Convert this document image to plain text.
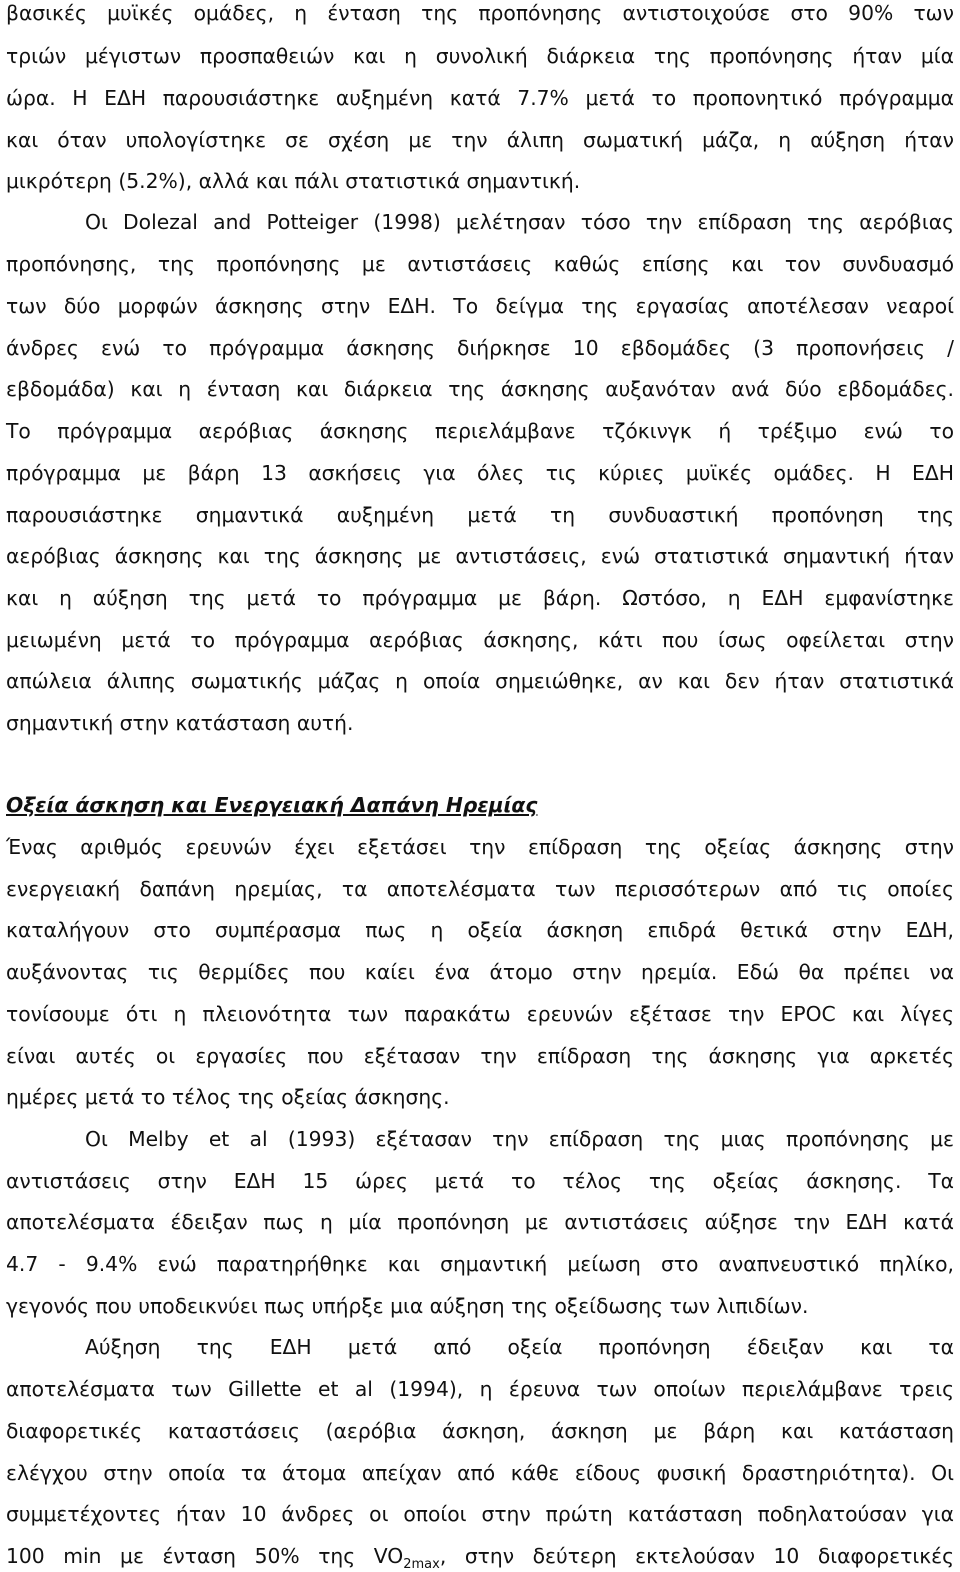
βασικές μυϊκές ομάδες, η ένταση της προπόνησης αντιστοιχούσε στο 90% των
τριών μέγιστων προσπαθειών και η συνολική διάρκεια της προπόνησης ήταν μία
ώρα. Η ΕΔΗ παρουσιάστηκε αυξημένη κατά 7.7% μετά το προπονητικό πρόγραμμα
και όταν υπολογίστηκε σε σχέση με την άλιπη σωματική μάζα, η αύξηση ήταν
μικρότερη (5.2%), αλλά και πάλι στατιστικά σημαντική.
Οι Dolezal and Potteiger (1998) μελέτησαν τόσο την επίδραση της αερόβιας
προπόνησης, της προπόνησης με αντιστάσεις καθώς επίσης και τον συνδυασμό
των δύο μορφών άσκησης στην ΕΔΗ. Το δείγμα της εργασίας αποτέλεσαν νεαροί
άνδρες ενώ το πρόγραμμα άσκησης διήρκησε 10 εβδομάδες (3 προπονήσεις /
εβδομάδα) και η ένταση και διάρκεια της άσκησης αυξανόταν ανά δύο εβδομάδες.
Το πρόγραμμα αερόβιας άσκησης περιελάμβανε τζόκινγκ ή τρέξιμο ενώ το
πρόγραμμα με βάρη 13 ασκήσεις για όλες τις κύριες μυϊκές ομάδες. Η ΕΔΗ
παρουσιάστηκε σημαντικά αυξημένη μετά τη συνδυαστική προπόνηση της
αερόβιας άσκησης και της άσκησης με αντιστάσεις, ενώ στατιστικά σημαντική ήταν
και η αύξηση της μετά το πρόγραμμα με βάρη. Ωστόσο, η ΕΔΗ εμφανίστηκε
μειωμένη μετά το πρόγραμμα αερόβιας άσκησης, κάτι που ίσως οφείλεται στην
απώλεια άλιπης σωματικής μάζας η οποία σημειώθηκε, αν και δεν ήταν στατιστικά
σημαντική στην κατάσταση αυτή.
Οξεία άσκηση και Ενεργειακή Δαπάνη Ηρεμίας
Ένας αριθμός ερευνών έχει εξετάσει την επίδραση της οξείας άσκησης στην
ενεργειακή δαπάνη ηρεμίας, τα αποτελέσματα των περισσότερων από τις οποίες
καταλήγουν στο συμπέρασμα πως η οξεία άσκηση επιδρά θετικά στην ΕΔΗ,
αυξάνοντας τις θερμίδες που καίει ένα άτομο στην ηρεμία. Εδώ θα πρέπει να
τονίσουμε ότι η πλειονότητα των παρακάτω ερευνών εξέτασε την EPOC και λίγες
είναι αυτές οι εργασίες που εξέτασαν την επίδραση της άσκησης για αρκετές
ημέρες μετά το τέλος της οξείας άσκησης.
Οι Melby et al (1993) εξέτασαν την επίδραση της μιας προπόνησης με
αντιστάσεις στην ΕΔΗ 15 ώρες μετά το τέλος της οξείας άσκησης. Τα
αποτελέσματα έδειξαν πως η μία προπόνηση με αντιστάσεις αύξησε την ΕΔΗ κατά
4.7 - 9.4% ενώ παρατηρήθηκε και σημαντική μείωση στο αναπνευστικό πηλίκο,
γεγονός που υποδεικνύει πως υπήρξε μια αύξηση της οξείδωσης των λιπιδίων.
Αύξηση της ΕΔΗ μετά από οξεία προπόνηση έδειξαν και τα
αποτελέσματα των Gillette et al (1994), η έρευνα των οποίων περιελάμβανε τρεις
διαφορετικές καταστάσεις (αερόβια άσκηση, άσκηση με βάρη και κατάσταση
ελέγχου στην οποία τα άτομα απείχαν από κάθε είδους φυσική δραστηριότητα). Οι
συμμετέχοντες ήταν 10 άνδρες οι οποίοι στην πρώτη κατάσταση ποδηλατούσαν για
100 min με ένταση 50% της $VO_{2max}$, στην δεύτερη εκτελούσαν 10 διαφορετικές
